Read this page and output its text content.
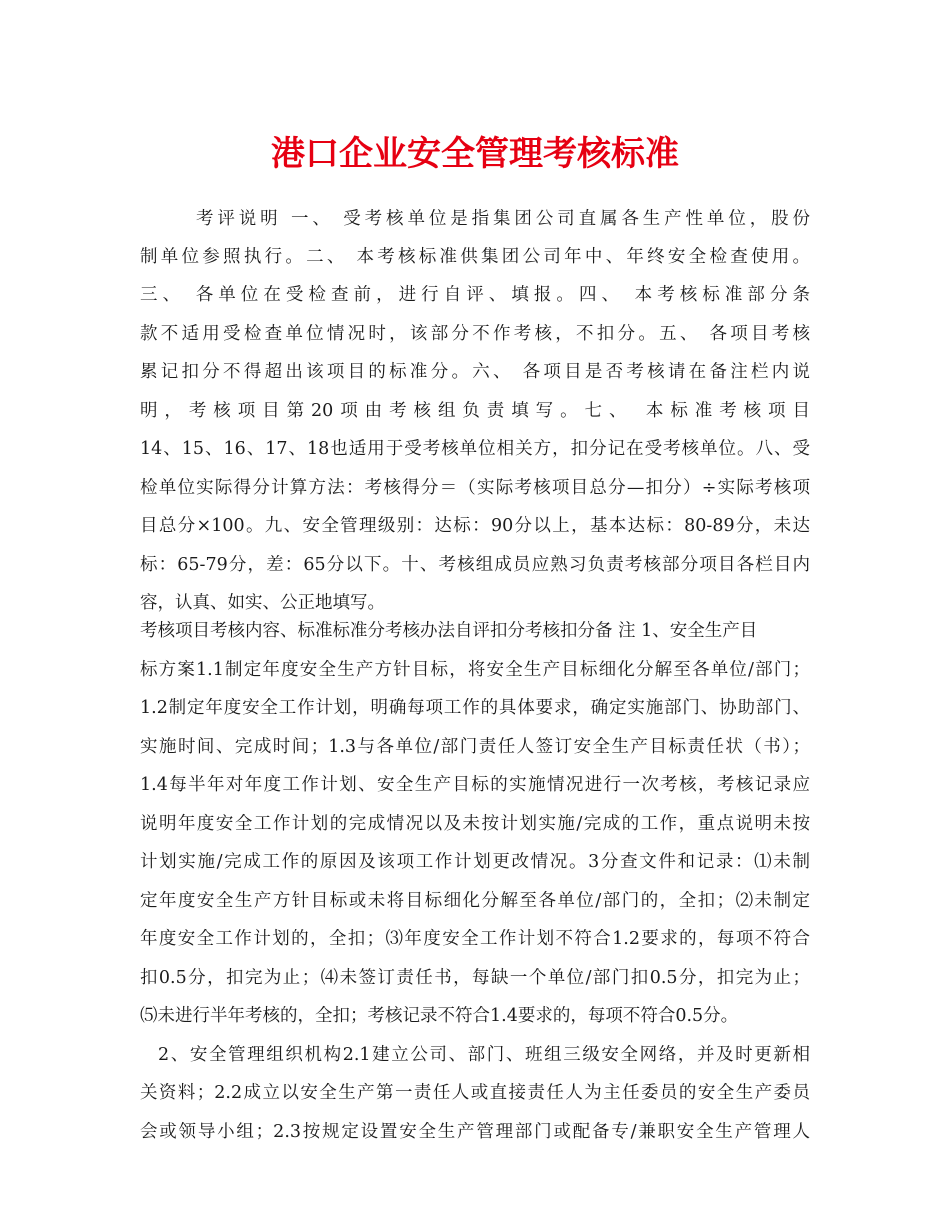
港口企业安全管理考核标准
考评说明 一、 受考核单位是指集团公司直属各生产性单位，股份
制单位参照执行。二、 本考核标准供集团公司年中、年终安全检查使用。
三、 各单位在受检查前，进行自评、填报。四、 本考核标准部分条
款不适用受检查单位情况时，该部分不作考核，不扣分。五、 各项目考核
累记扣分不得超出该项目的标准分。六、 各项目是否考核请在备注栏内说
明，考核项目第20项由考核组负责填写。七、 本标准考核项目
14、15、16、17、18也适用于受考核单位相关方，扣分记在受考核单位。八、受
检单位实际得分计算方法：考核得分＝（实际考核项目总分—扣分）÷实际考核项
目总分×100。九、安全管理级别：达标：90分以上，基本达标：80-89分，未达
标：65-79分，差：65分以下。十、考核组成员应熟习负责考核部分项目各栏目内
容，认真、如实、公正地填写。
考核项目考核内容、标准标准分考核办法自评扣分考核扣分备 注 1、安全生产目
标方案1.1制定年度安全生产方针目标，将安全生产目标细化分解至各单位/部门；
1.2制定年度安全工作计划，明确每项工作的具体要求，确定实施部门、协助部门、
实施时间、完成时间；1.3与各单位/部门责任人签订安全生产目标责任状（书）；
1.4每半年对年度工作计划、安全生产目标的实施情况进行一次考核，考核记录应
说明年度安全工作计划的完成情况以及未按计划实施/完成的工作，重点说明未按
计划实施/完成工作的原因及该项工作计划更改情况。3分查文件和记录：⑴未制
定年度安全生产方针目标或未将目标细化分解至各单位/部门的，全扣；⑵未制定
年度安全工作计划的，全扣；⑶年度安全工作计划不符合1.2要求的，每项不符合
扣0.5分，扣完为止；⑷未签订责任书，每缺一个单位/部门扣0.5分，扣完为止；
⑸未进行半年考核的，全扣；考核记录不符合1.4要求的，每项不符合0.5分。
2、安全管理组织机构2.1建立公司、部门、班组三级安全网络，并及时更新相
关资料；2.2成立以安全生产第一责任人或直接责任人为主任委员的安全生产委员
会或领导小组；2.3按规定设置安全生产管理部门或配备专/兼职安全生产管理人
